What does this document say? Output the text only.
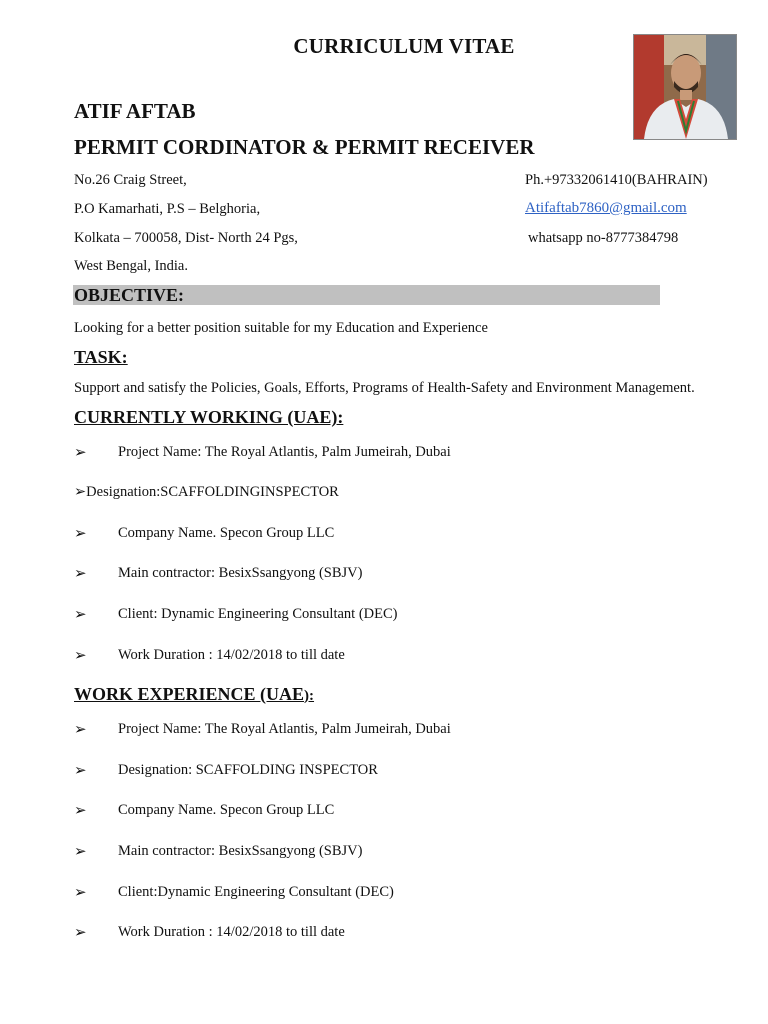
CURRICULUM VITAE
ATIF AFTAB
PERMIT CORDINATOR & PERMIT RECEIVER
No.26 Craig Street,
P.O Kamarhati, P.S – Belghoria,
Kolkata – 700058, Dist- North 24 Pgs,
West Bengal, India.
Ph.+97332061410(BAHRAIN)
Atifaftab7860@gmail.com
whatsapp no-8777384798
OBJECTIVE:
Looking for a better position suitable for my Education and Experience
TASK:
Support and satisfy the Policies, Goals, Efforts, Programs of Health-Safety and Environment Management.
CURRENTLY WORKING (UAE):
➢ Project Name: The Royal Atlantis, Palm Jumeirah, Dubai
➢Designation:SCAFFOLDINGINSPECTOR
➢ Company Name. Specon Group LLC
➢ Main contractor: BesixSsangyong (SBJV)
➢ Client: Dynamic Engineering Consultant (DEC)
➢ Work Duration : 14/02/2018 to till date
WORK EXPERIENCE (UAE):
➢ Project Name: The Royal Atlantis, Palm Jumeirah, Dubai
➢ Designation: SCAFFOLDING INSPECTOR
➢ Company Name. Specon Group LLC
➢ Main contractor: BesixSsangyong (SBJV)
➢ Client:Dynamic Engineering Consultant (DEC)
➢ Work Duration : 14/02/2018 to till date
